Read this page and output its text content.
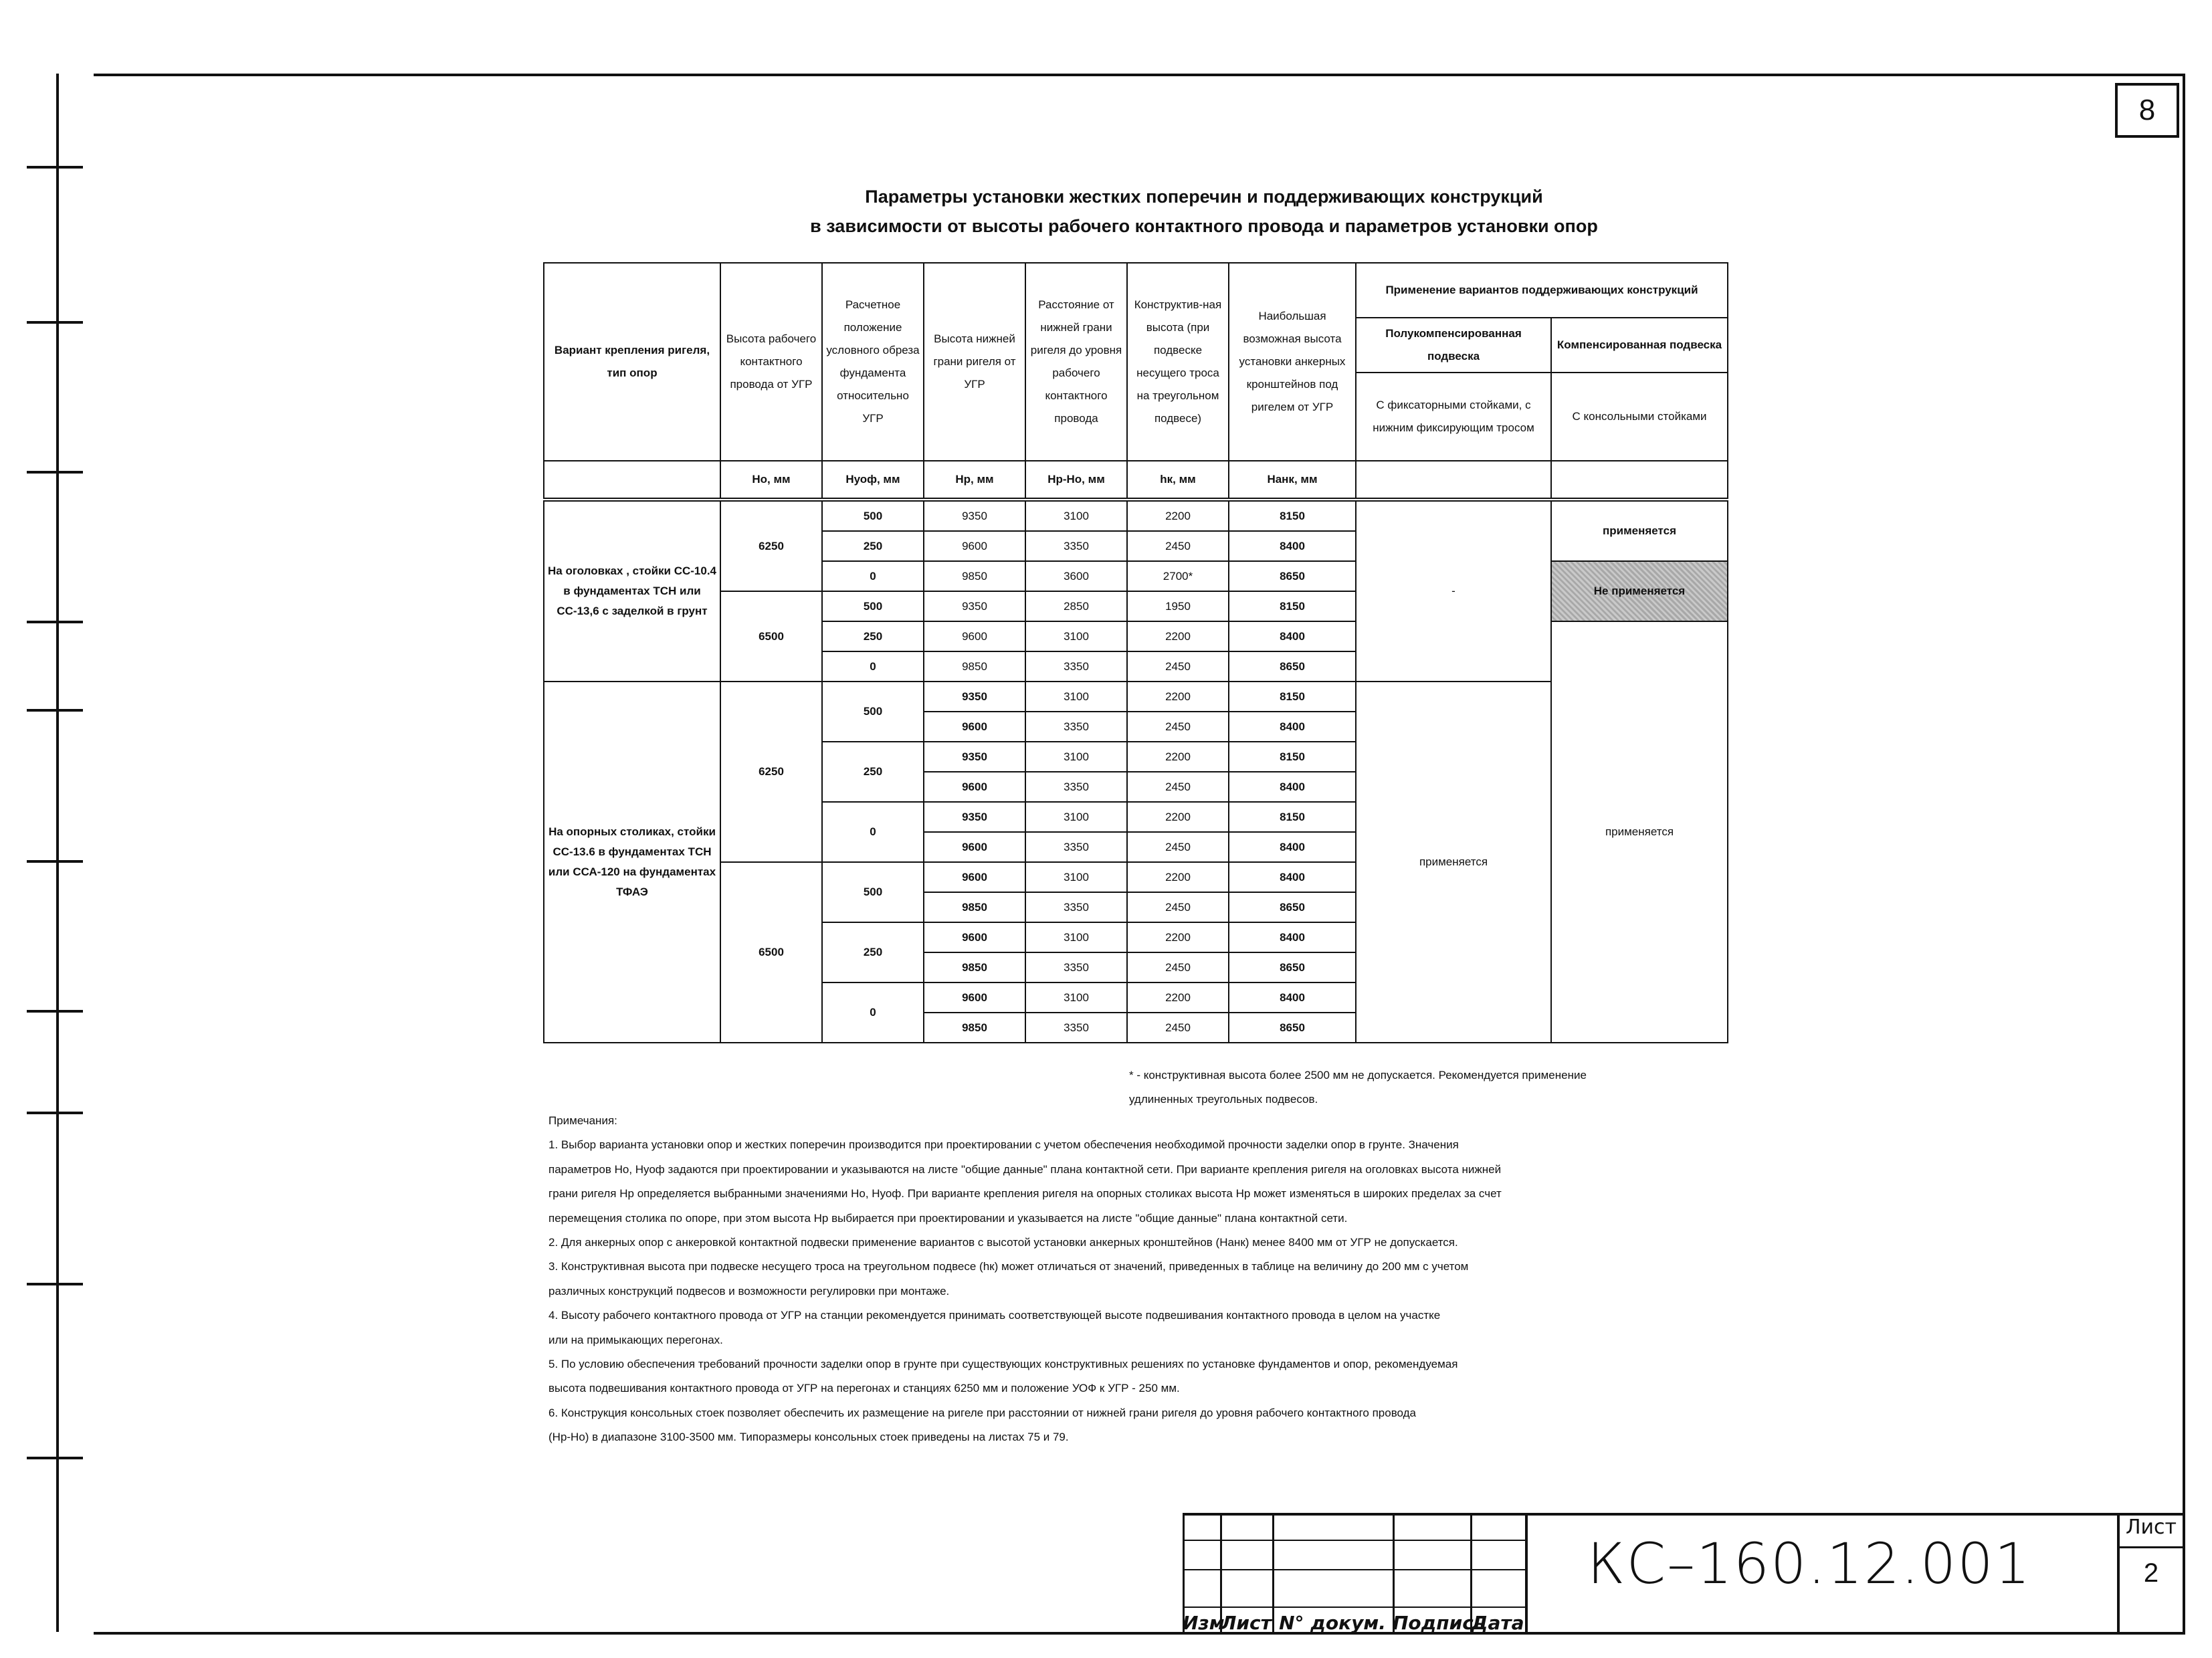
8
Параметры установки жестких поперечин и поддерживающих конструкций
в зависимости от высоты рабочего контактного провода и параметров установки опор
Вариант крепления ригеля, тип опор	Высота рабочего контактного провода от УГР	Расчетное положение условного обреза фундамента относительно УГР	Высота нижней грани ригеля от УГР	Расстояние от нижней грани ригеля до уровня рабочего контактного провода	Конструктив-ная высота (при подвеске несущего троса на треугольном подвесе)	Наибольшая возможная высота установки анкерных кронштейнов под ригелем от УГР	Применение вариантов поддерживающих конструкций	
							Полукомпенсированная подвеска	Компенсированная подвеска
							С фиксаторными стойками, с нижним фиксирующим тросом	С консольными стойками
	Но, мм	Нуоф, мм	Нр, мм	Нр-Но, мм	hк, мм	Нанк, мм		
На оголовках , стойки СС-10.4 в фундаментах ТСН или СС-13,6 с заделкой в грунт	6250	500	9350	3100	2200	8150	-	применяется
		250	9600	3350	2450	8400		
		0	9850	3600	2700*	8650		Не применяется
	6500	500	9350	2850	1950	8150		
		250	9600	3100	2200	8400		применяется
		0	9850	3350	2450	8650		
На опорных столиках, стойки СС-13.6 в фундаментах ТСН или ССА-120 на фундаментах ТФАЭ	6250	500	9350	3100	2200	8150	применяется	
			9600	3350	2450	8400		
		250	9350	3100	2200	8150		
			9600	3350	2450	8400		
		0	9350	3100	2200	8150		
			9600	3350	2450	8400		
	6500	500	9600	3100	2200	8400		
			9850	3350	2450	8650		
		250	9600	3100	2200	8400		
			9850	3350	2450	8650		
		0	9600	3100	2200	8400		
			9850	3350	2450	8650		
* - конструктивная высота более 2500 мм не допускается. Рекомендуется применение
удлиненных треугольных подвесов.
Примечания:
1. Выбор варианта установки опор и жестких поперечин производится при проектировании с учетом обеспечения необходимой прочности заделки опор в грунте. Значения
параметров Но, Нуоф задаются при проектировании и указываются на листе "общие данные" плана контактной сети. При варианте крепления ригеля на оголовках высота нижней
грани ригеля Нр определяется выбранными значениями Но, Нуоф. При варианте крепления ригеля на опорных столиках высота Нр может изменяться в широких пределах за счет
перемещения столика по опоре, при этом высота Нр выбирается при проектировании и указывается на листе "общие данные" плана контактной сети.
2. Для анкерных опор с анкеровкой контактной подвески применение вариантов с высотой установки анкерных кронштейнов (Нанк) менее 8400 мм от УГР не допускается.
3. Конструктивная высота при подвеске несущего троса на треугольном подвесе (hк) может отличаться от значений, приведенных в таблице на величину до 200 мм с учетом
различных конструкций подвесов и возможности регулировки при монтаже.
4. Высоту рабочего контактного провода от УГР на станции рекомендуется принимать соответствующей высоте подвешивания контактного провода в целом на участке
или на примыкающих перегонах.
5. По условию обеспечения требований прочности заделки опор в грунте при существующих конструктивных решениях по установке фундаментов и опор, рекомендуемая
высота подвешивания контактного провода от УГР на перегонах и станциях 6250 мм и положение УОФ к УГР - 250 мм.
6. Конструкция консольных стоек позволяет обеспечить их размещение на ригеле при расстоянии от нижней грани ригеля до уровня рабочего контактного провода
(Нр-Но) в диапазоне 3100-3500 мм. Типоразмеры консольных стоек приведены на листах 75 и 79.
Изм
Лист N° докум. Подпись
Дата
КС–160.12.001
Лист
2
